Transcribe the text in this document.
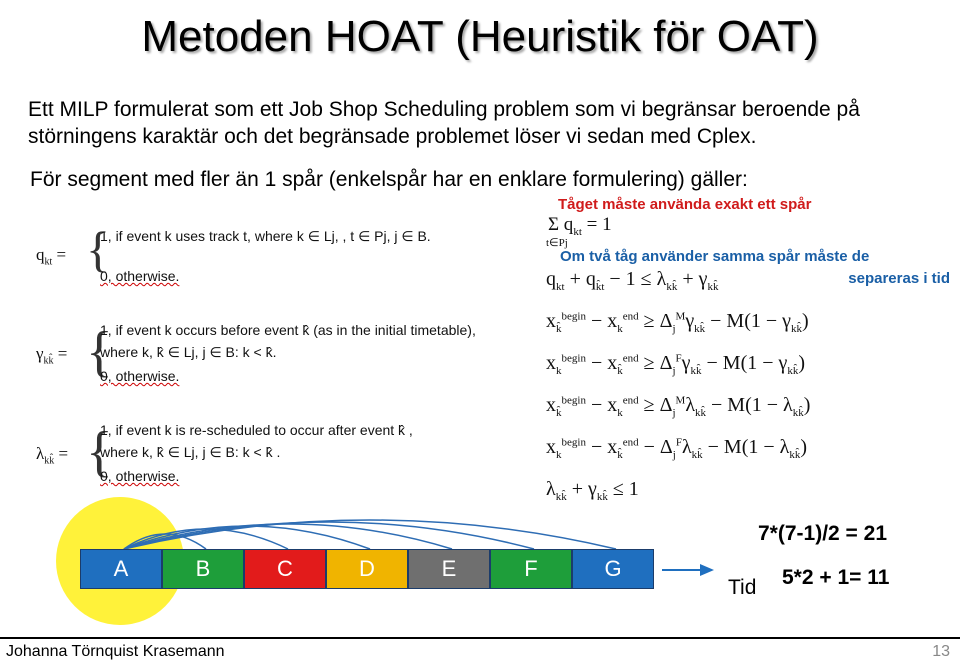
Metoden HOAT (Heuristik för OAT)
Ett MILP formulerat som ett Job Shop Scheduling problem som vi begränsar beroende på störningens karaktär och det begränsade problemet löser vi sedan med Cplex.
För segment med fler än 1 spår (enkelspår har en enklare formulering) gäller:
$q_{kt}$ = {
1, if event k uses track t, where k ∈ Lj, , t ∈ Pj, j ∈ B.
0, otherwise.
$\gamma_{kk̂}$ = {
1, if event k occurs before event k̂ (as in the initial timetable),
where k, k̂ ∈ Lj, j ∈ B: k < k̂.
0, otherwise.
$\lambda_{kk̂}$ = {
1, if event k is re-scheduled to occur after event k̂ ,
where k, k̂ ∈ Lj, j ∈ B: k < k̂ .
0, otherwise.
Tåget måste använda exakt ett spår
Σ $q_{kt} = 1$
t∈Pj
Om två tåg använder samma spår måste de
separeras i tid
$q_{kt} + q_{k̂t} - 1 \le \lambda_{kk̂} + \gamma_{kk̂}$
$x_{k̂}^{begin} - x_k^{end} \ge \Delta_j^M\gamma_{kk̂} - M(1 - \gamma_{kk̂})$
$x_k^{begin} - x_{k̂}^{end} \ge \Delta_j^F\gamma_{kk̂} - M(1 - \gamma_{kk̂})$
$x_{k̂}^{begin} - x_k^{end} \ge \Delta_j^M\lambda_{kk̂} - M(1 - \lambda_{kk̂})$
$x_k^{begin} - x_{k̂}^{end} - \Delta_j^F\lambda_{kk̂} - M(1 - \lambda_{kk̂})$
$\lambda_{kk̂} + \gamma_{kk̂} \le 1$
A	B	C	D	E	F	G
7*(7-1)/2 = 21
Tid 5*2 + 1= 11
Johanna Törnquist Krasemann	13
